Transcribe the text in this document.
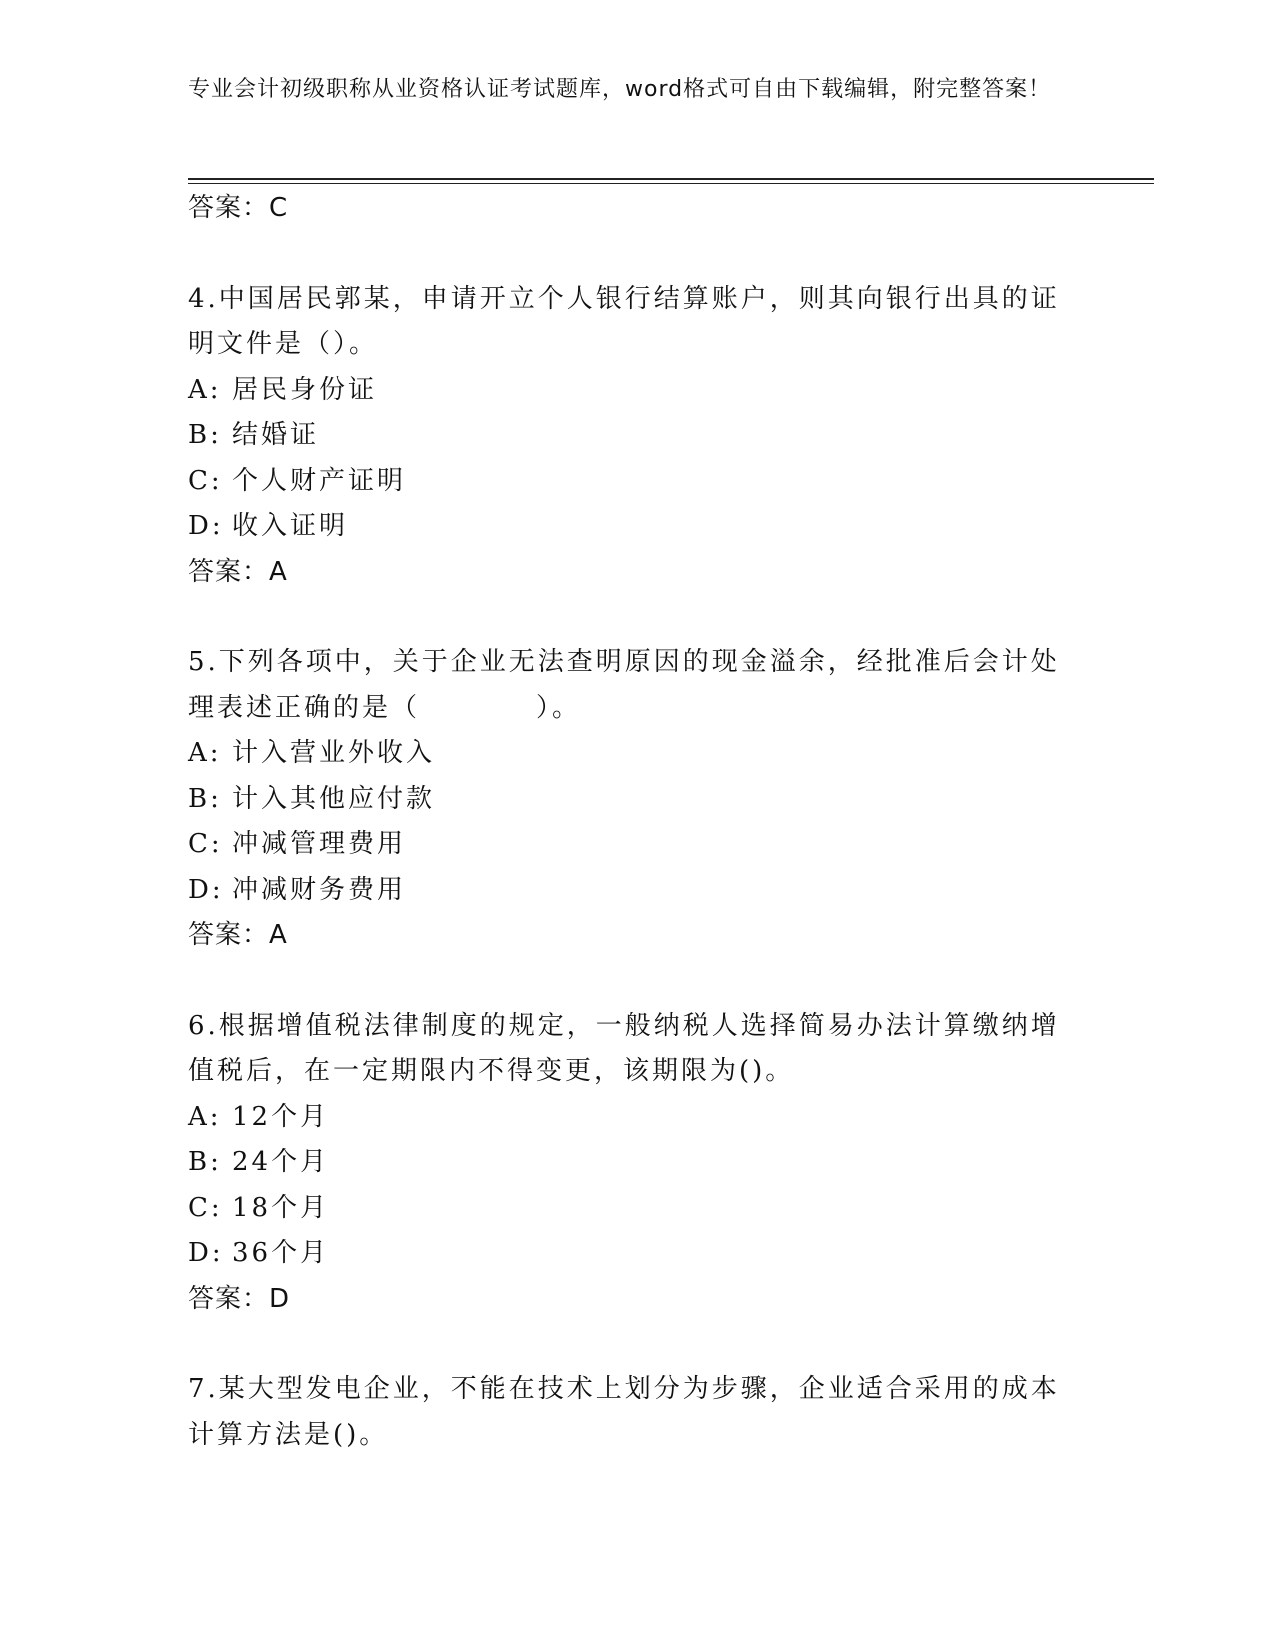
专业会计初级职称从业资格认证考试题库，word格式可自由下载编辑，附完整答案！
答案：C
4.中国居民郭某，申请开立个人银行结算账户，则其向银行出具的证明文件是（）。
A: 居民身份证
B: 结婚证
C: 个人财产证明
D: 收入证明
答案：A
5.下列各项中，关于企业无法查明原因的现金溢余，经批准后会计处理表述正确的是（　　　　）。
A: 计入营业外收入
B: 计入其他应付款
C: 冲减管理费用
D: 冲减财务费用
答案：A
6.根据增值税法律制度的规定，一般纳税人选择简易办法计算缴纳增值税后，在一定期限内不得变更，该期限为()。
A: 12个月
B: 24个月
C: 18个月
D: 36个月
答案：D
7.某大型发电企业，不能在技术上划分为步骤，企业适合采用的成本计算方法是()。
